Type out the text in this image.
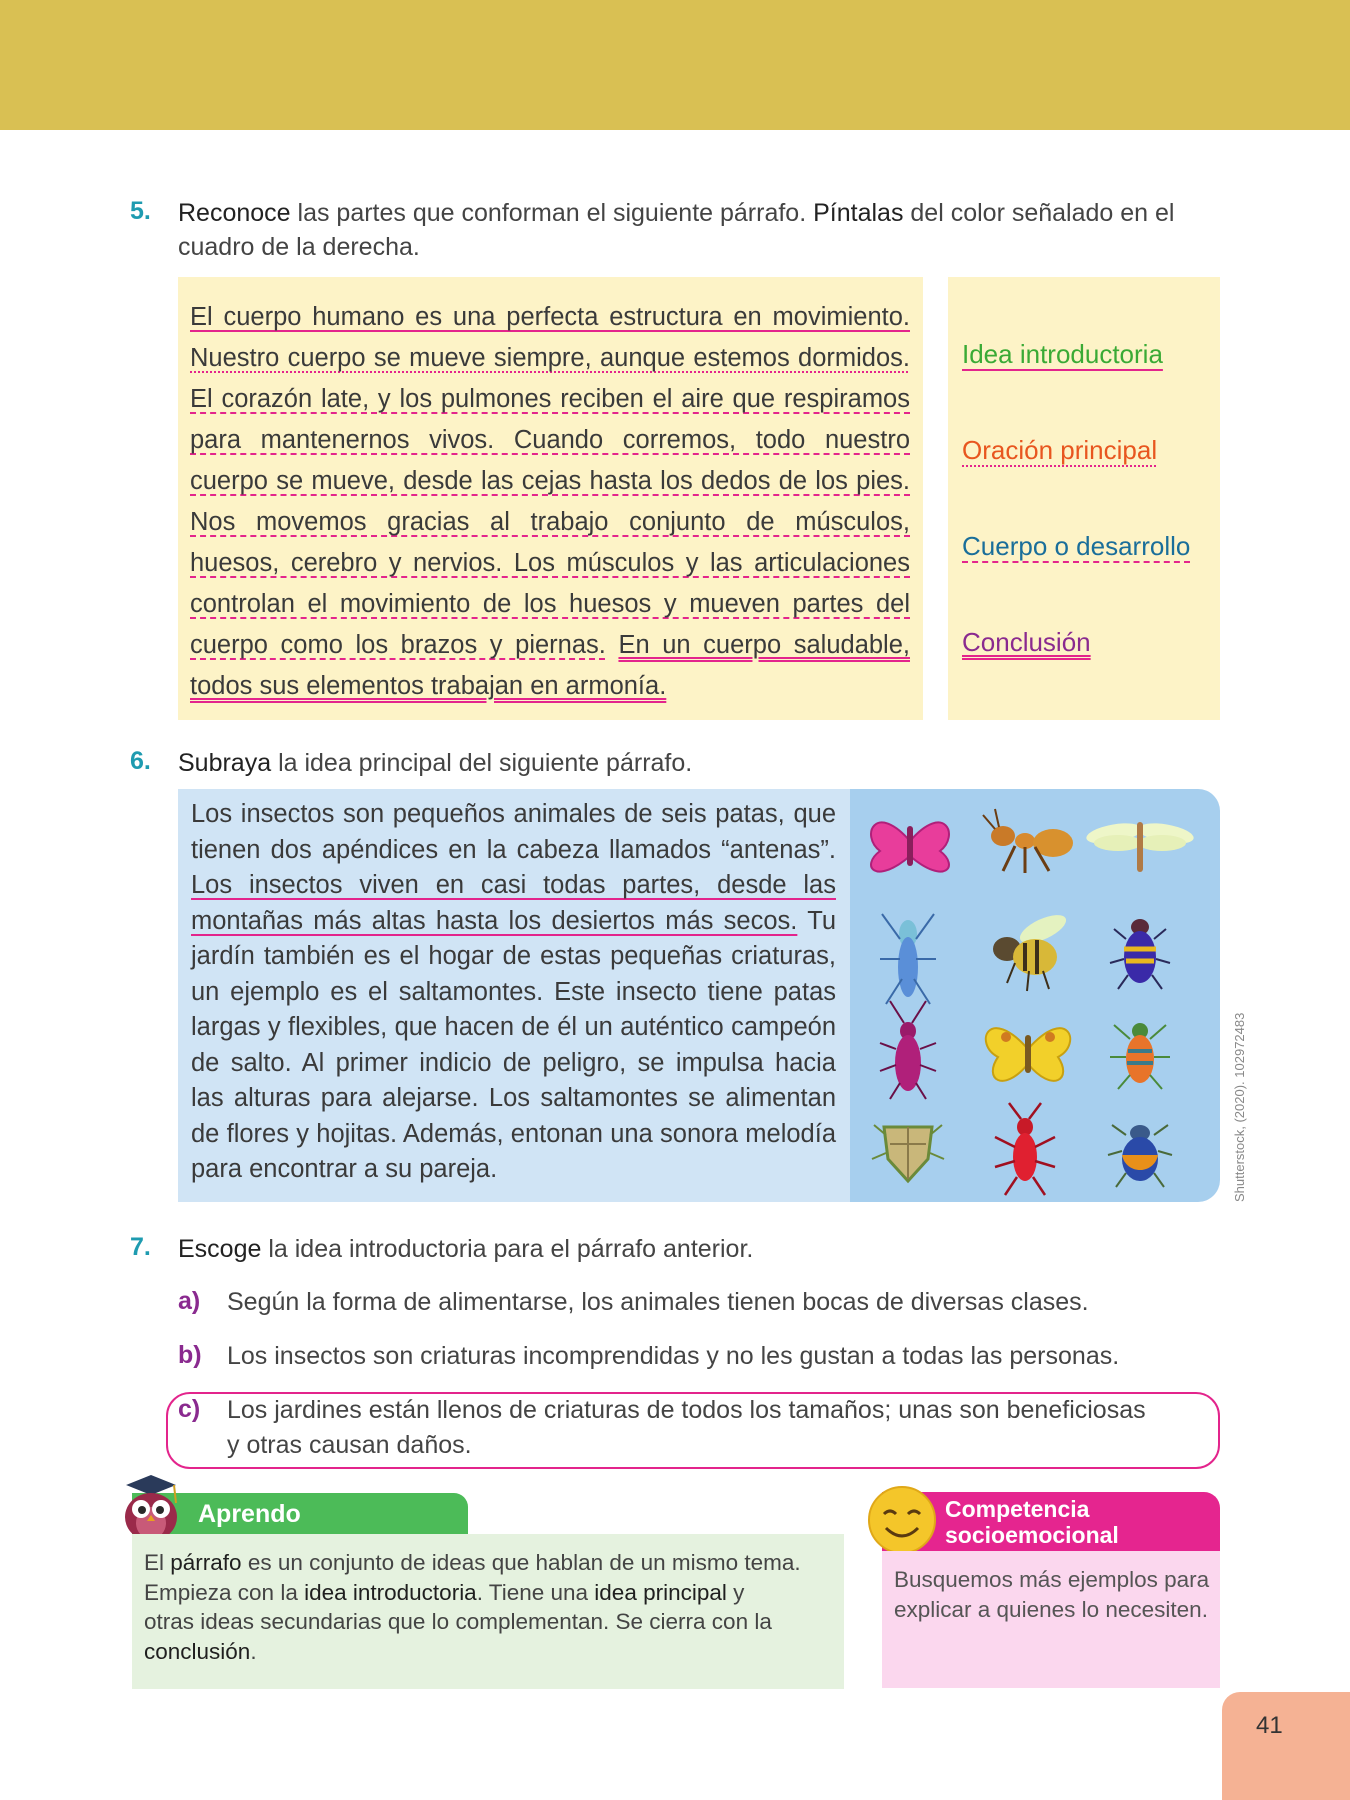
5. Reconoce las partes que conforman el siguiente párrafo. Píntalas del color señalado en el
cuadro de la derecha.
El cuerpo humano es una perfecta estructura en movimiento. Nuestro cuerpo se mueve siempre, aunque estemos dormidos. El corazón late, y los pulmones reciben el aire que respiramos para mantenernos vivos. Cuando corremos, todo nuestro cuerpo se mueve, desde las cejas hasta los dedos de los pies. Nos movemos gracias al trabajo conjunto de músculos, huesos, cerebro y nervios. Los músculos y las articulaciones controlan el movimiento de los huesos y mueven partes del cuerpo como los brazos y piernas. En un cuerpo saludable, todos sus elementos trabajan en armonía.
Idea introductoria
Oración principal
Cuerpo o desarrollo
Conclusión
6. Subraya la idea principal del siguiente párrafo.
Los insectos son pequeños animales de seis patas, que tienen dos apéndices en la cabeza llamados “antenas”. Los insectos viven en casi todas partes, desde las montañas más altas hasta los desiertos más secos. Tu jardín también es el hogar de estas pequeñas criaturas, un ejemplo es el saltamontes. Este insecto tiene patas largas y flexibles, que hacen de él un auténtico campeón de salto. Al primer indicio de peligro, se impulsa hacia las alturas para alejarse. Los saltamontes se alimentan de flores y hojitas. Además, entonan una sonora melodía para encontrar a su pareja.	Shutterstock, (2020). 102972483
7. Escoge la idea introductoria para el párrafo anterior.
a) Según la forma de alimentarse, los animales tienen bocas de diversas clases.
b) Los insectos son criaturas incomprendidas y no les gustan a todas las personas.
c) Los jardines están llenos de criaturas de todos los tamaños; unas son beneficiosas
y otras causan daños.
Aprendo
El párrafo es un conjunto de ideas que hablan de un mismo tema.
Empieza con la idea introductoria. Tiene una idea principal y
otras ideas secundarias que lo complementan. Se cierra con la
conclusión.
Competencia
socioemocional
Busquemos más ejemplos para explicar a quienes lo necesiten.
41
